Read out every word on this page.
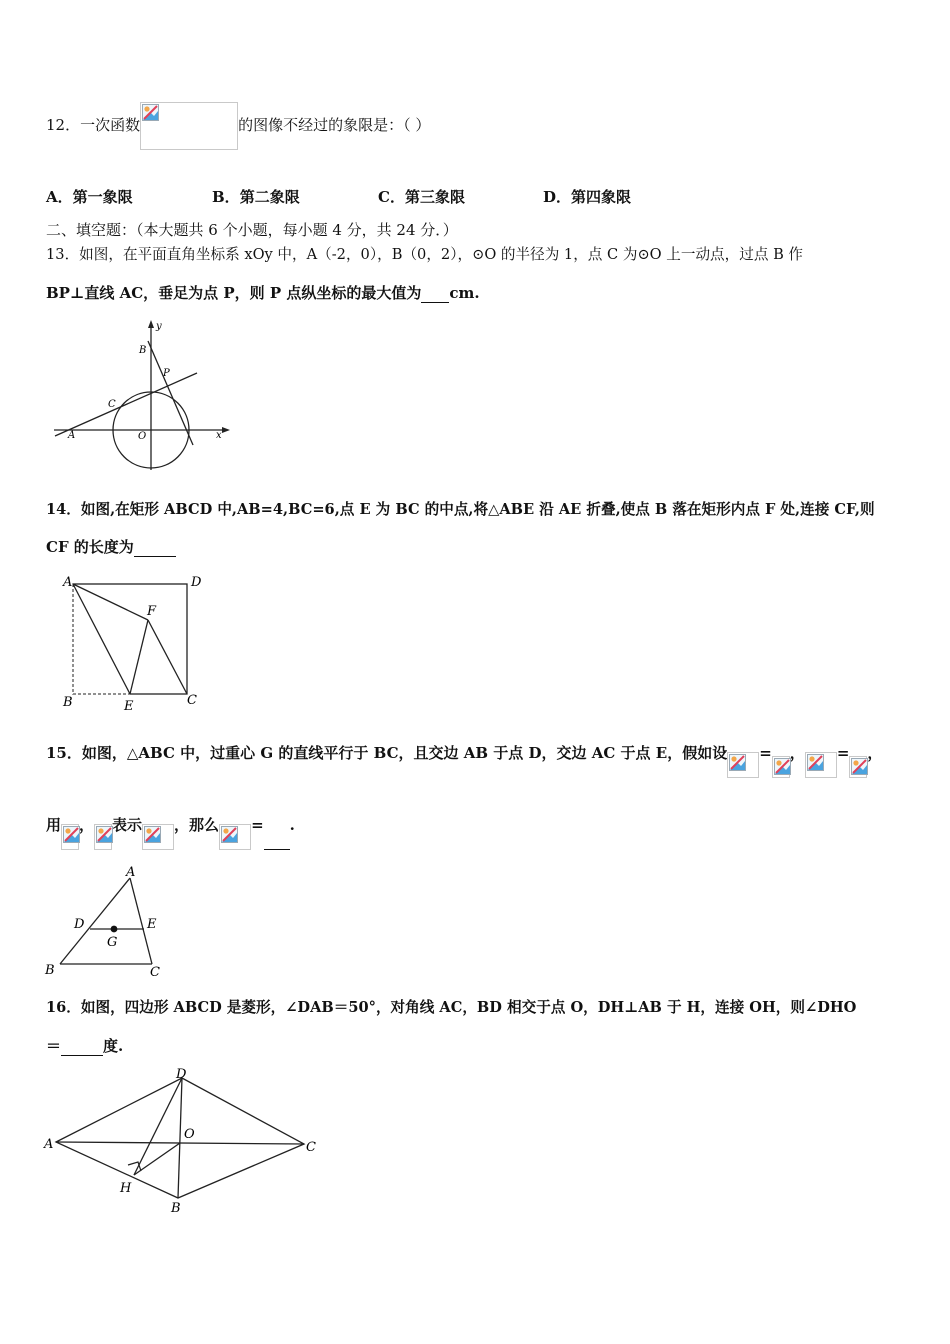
12．一次函数	的图像不经过的象限是：（ ）
A．第一象限	B．第二象限	C．第三象限	D．第四象限
二、填空题：（本大题共 6 个小题，每小题 4 分，共 24 分．）
13．如图，在平面直角坐标系 xOy 中，A（-2，0），B（0，2），⊙O 的半径为 1，点 C 为⊙O 上一动点，过点 B 作
BP⊥直线 AC，垂足为点 P，则 P 点纵坐标的最大值为 cm.
y
x
B
P
C
O
A
14．如图,在矩形 ABCD 中,AB=4,BC=6,点 E 为 BC 的中点,将△ABE 沿 AE 折叠,使点 B 落在矩形内点 F 处,连接 CF,则
CF 的长度为
A	D
F
B	E	C
15．如图，△ABC 中，过重心 G 的直线平行于 BC，且交边 AB 于点 D，交边 AC 于点 E，假如设 = ， = ，
用 ， 表示 ，那么 = .
A
D	E
G
B	C
16．如图，四边形 ABCD 是菱形，∠DAB＝50°，对角线 AC，BD 相交于点 O，DH⊥AB 于 H，连接 OH，则∠DHO
＝	度.
D
A
O
C
H
B
